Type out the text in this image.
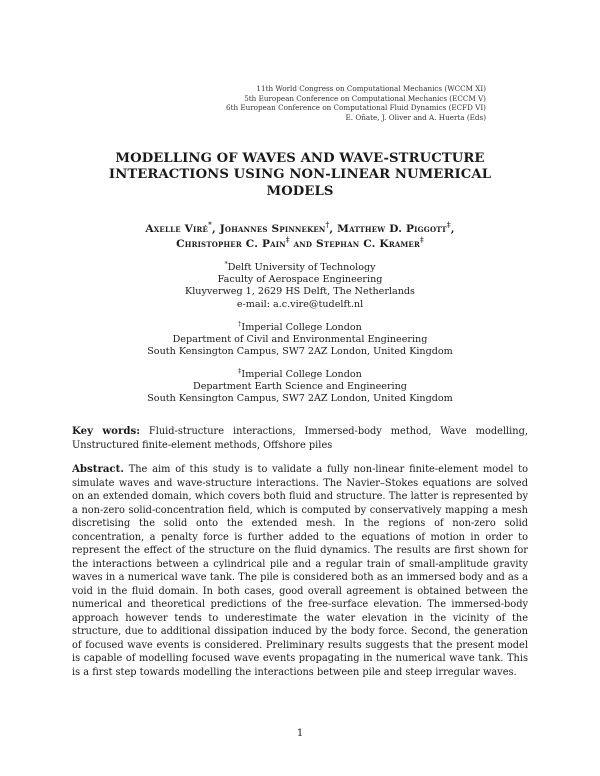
11th World Congress on Computational Mechanics (WCCM XI)
5th European Conference on Computational Mechanics (ECCM V)
6th European Conference on Computational Fluid Dynamics (ECFD VI)
E. Oñate, J. Oliver and A. Huerta (Eds)
MODELLING OF WAVES AND WAVE-STRUCTURE
INTERACTIONS USING NON-LINEAR NUMERICAL
MODELS
Axelle Viré*, Johannes Spinneken†, Matthew D. Piggott‡,
Christopher C. Pain‡ and Stephan C. Kramer‡
*Delft University of Technology
Faculty of Aerospace Engineering
Kluyverweg 1, 2629 HS Delft, The Netherlands
e-mail: a.c.vire@tudelft.nl
†Imperial College London
Department of Civil and Environmental Engineering
South Kensington Campus, SW7 2AZ London, United Kingdom
‡Imperial College London
Department Earth Science and Engineering
South Kensington Campus, SW7 2AZ London, United Kingdom
Key words: Fluid-structure interactions, Immersed-body method, Wave modelling, Unstructured finite-element methods, Offshore piles
Abstract. The aim of this study is to validate a fully non-linear finite-element model to simulate waves and wave-structure interactions. The Navier–Stokes equations are solved on an extended domain, which covers both fluid and structure. The latter is represented by a non-zero solid-concentration field, which is computed by conservatively mapping a mesh discretising the solid onto the extended mesh. In the regions of non-zero solid concentration, a penalty force is further added to the equations of motion in order to represent the effect of the structure on the fluid dynamics. The results are first shown for the interactions between a cylindrical pile and a regular train of small-amplitude gravity waves in a numerical wave tank. The pile is considered both as an immersed body and as a void in the fluid domain. In both cases, good overall agreement is obtained between the numerical and theoretical predictions of the free-surface elevation. The immersed-body approach however tends to underestimate the water elevation in the vicinity of the structure, due to additional dissipation induced by the body force. Second, the generation of focused wave events is considered. Preliminary results suggests that the present model is capable of modelling focused wave events propagating in the numerical wave tank. This is a first step towards modelling the interactions between pile and steep irregular waves.
1
